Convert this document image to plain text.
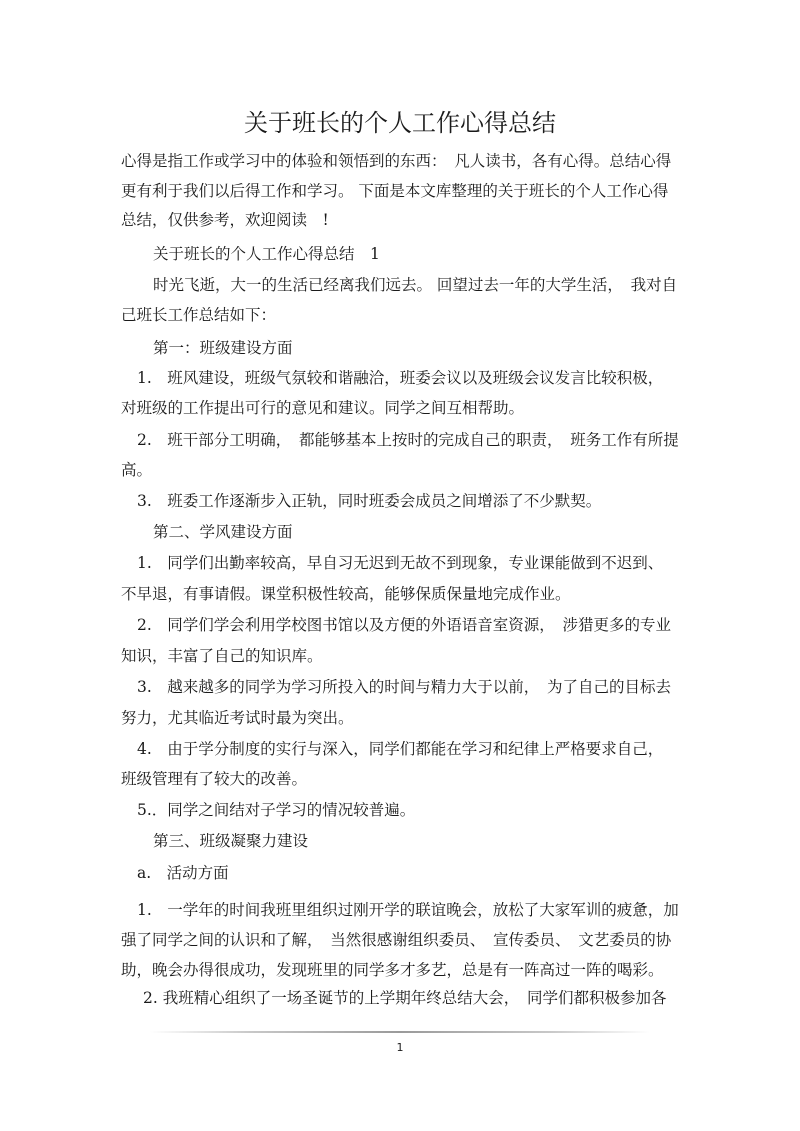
关于班长的个人工作心得总结
心得是指工作或学习中的体验和领悟到的东西：　凡人读书，各有心得。总结心得
更有利于我们以后得工作和学习。 下面是本文库整理的关于班长的个人工作心得
总结，仅供参考，欢迎阅读　!
关于班长的个人工作心得总结　1
时光飞逝，大一的生活已经离我们远去。 回望过去一年的大学生活，　我对自
己班长工作总结如下：
第一：班级建设方面
1.　班风建设，班级气氛较和谐融洽，班委会议以及班级会议发言比较积极，
对班级的工作提出可行的意见和建议。同学之间互相帮助。
2.　班干部分工明确，　都能够基本上按时的完成自己的职责，　班务工作有所提
高。
3.　班委工作逐渐步入正轨，同时班委会成员之间增添了不少默契。
第二、学风建设方面
1.　同学们出勤率较高，早自习无迟到无故不到现象，专业课能做到不迟到、
不早退，有事请假。课堂积极性较高，能够保质保量地完成作业。
2.　同学们学会利用学校图书馆以及方便的外语语音室资源，　涉猎更多的专业
知识，丰富了自己的知识库。
3.　越来越多的同学为学习所投入的时间与精力大于以前，　为了自己的目标去
努力，尤其临近考试时最为突出。
4.　由于学分制度的实行与深入，同学们都能在学习和纪律上严格要求自己，
班级管理有了较大的改善。
5.．同学之间结对子学习的情况较普遍。
第三、班级凝聚力建设
a.　活动方面
1.　一学年的时间我班里组织过刚开学的联谊晚会，放松了大家军训的疲惫，加
强了同学之间的认识和了解，　当然很感谢组织委员、　宣传委员、　文艺委员的协
助，晚会办得很成功，发现班里的同学多才多艺，总是有一阵高过一阵的喝彩。
2. 我班精心组织了一场圣诞节的上学期年终总结大会，　同学们都积极参加各
1
